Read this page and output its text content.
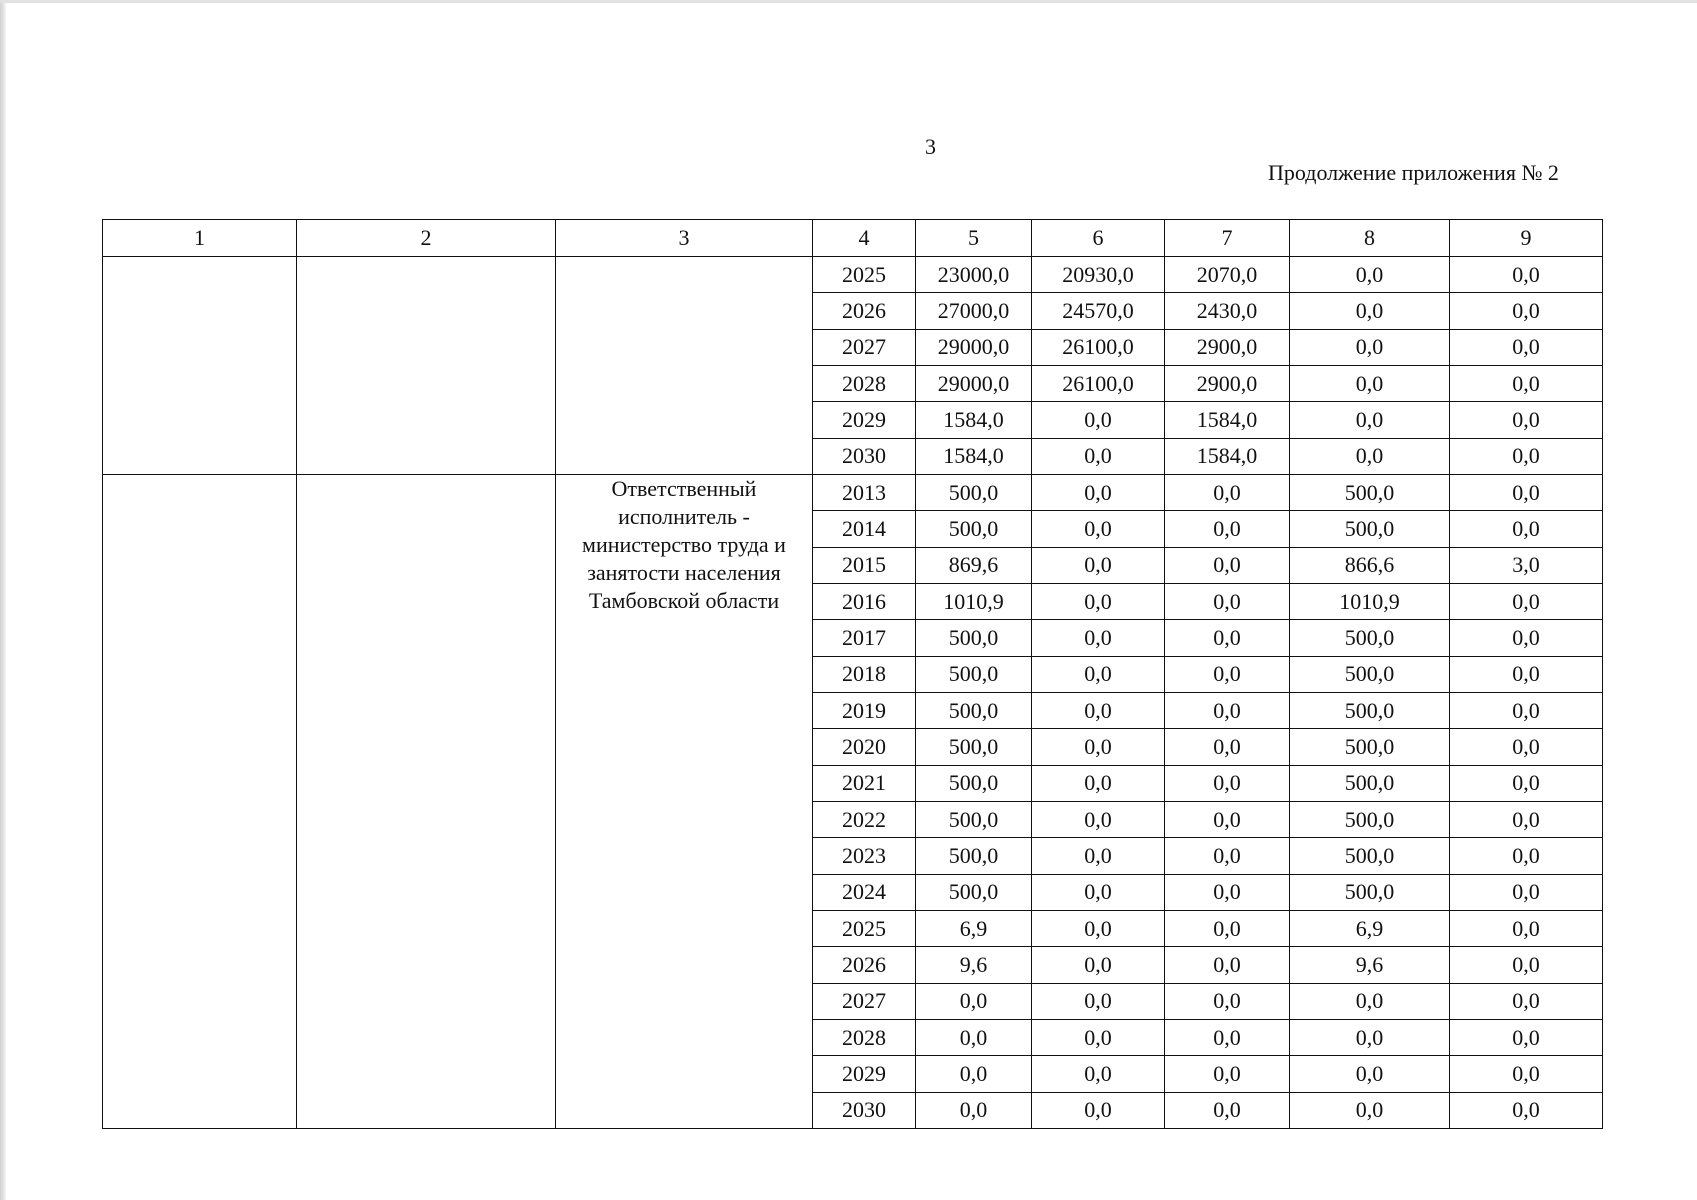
3
Продолжение приложения № 2
1	2	3	4	5	6	7	8	9
			2025	23000,0	20930,0	2070,0	0,0	0,0
			2026	27000,0	24570,0	2430,0	0,0	0,0
			2027	29000,0	26100,0	2900,0	0,0	0,0
			2028	29000,0	26100,0	2900,0	0,0	0,0
			2029	1584,0	0,0	1584,0	0,0	0,0
			2030	1584,0	0,0	1584,0	0,0	0,0
		Ответственный исполнитель - министерство труда и занятости населения Тамбовской области	2013	500,0	0,0	0,0	500,0	0,0
			2014	500,0	0,0	0,0	500,0	0,0
			2015	869,6	0,0	0,0	866,6	3,0
			2016	1010,9	0,0	0,0	1010,9	0,0
			2017	500,0	0,0	0,0	500,0	0,0
			2018	500,0	0,0	0,0	500,0	0,0
			2019	500,0	0,0	0,0	500,0	0,0
			2020	500,0	0,0	0,0	500,0	0,0
			2021	500,0	0,0	0,0	500,0	0,0
			2022	500,0	0,0	0,0	500,0	0,0
			2023	500,0	0,0	0,0	500,0	0,0
			2024	500,0	0,0	0,0	500,0	0,0
			2025	6,9	0,0	0,0	6,9	0,0
			2026	9,6	0,0	0,0	9,6	0,0
			2027	0,0	0,0	0,0	0,0	0,0
			2028	0,0	0,0	0,0	0,0	0,0
			2029	0,0	0,0	0,0	0,0	0,0
			2030	0,0	0,0	0,0	0,0	0,0
